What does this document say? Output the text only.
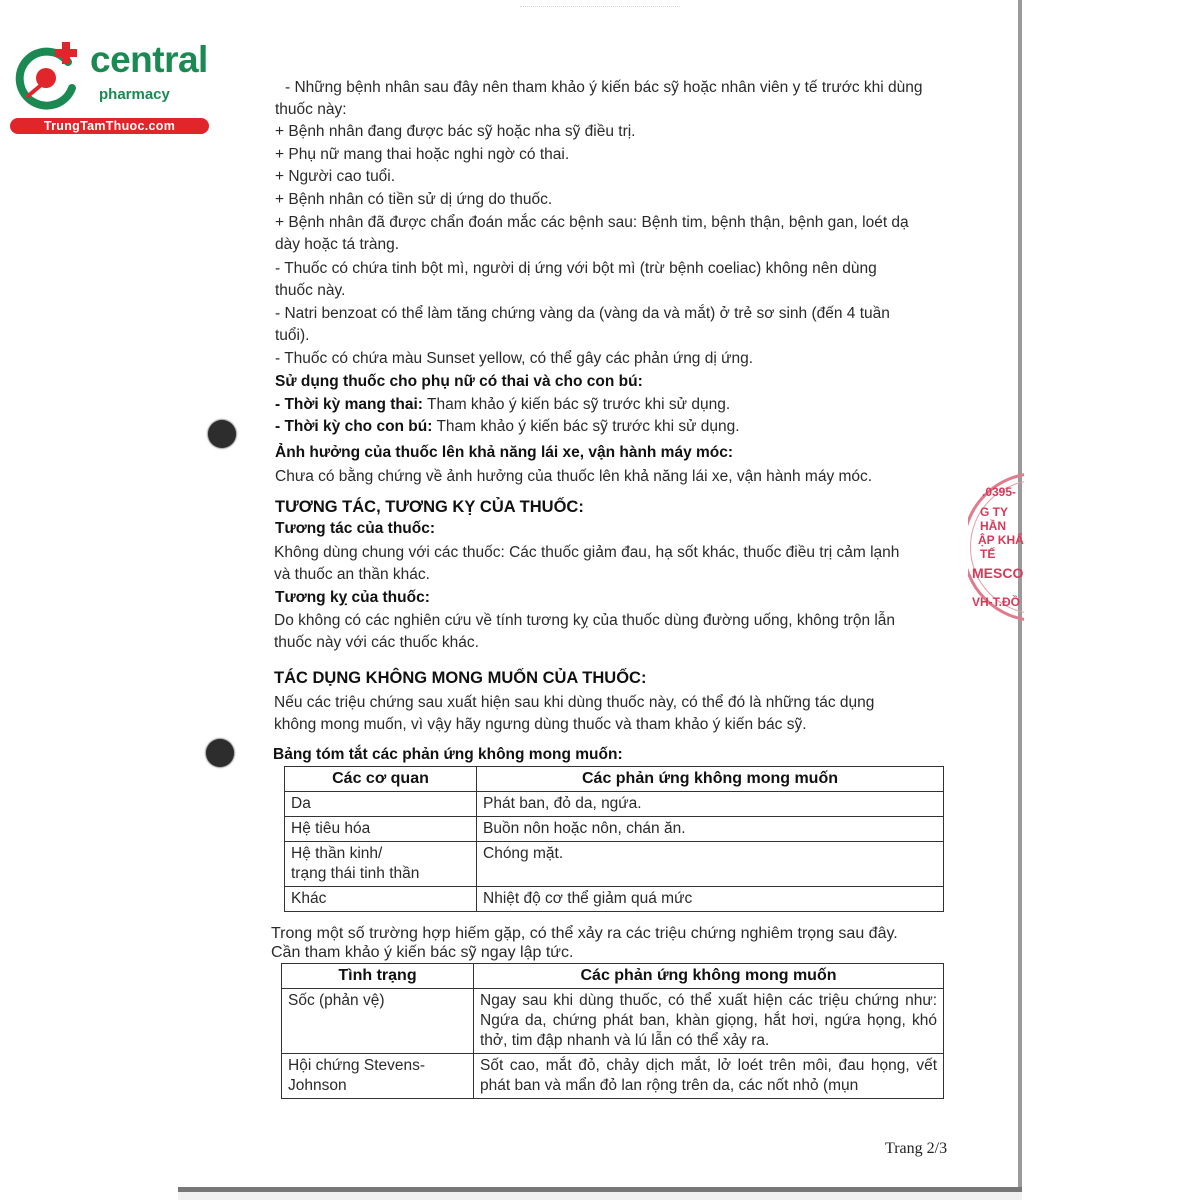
central
pharmacy
TrungTamThuoc.com
.0395-
G TY
HẦN
ẬP KHẨ
TẾ
MESCO
VH-T.ĐỒ
- Những bệnh nhân sau đây nên tham khảo ý kiến bác sỹ hoặc nhân viên y tế trước khi dùng
thuốc này:
+ Bệnh nhân đang được bác sỹ hoặc nha sỹ điều trị.
+ Phụ nữ mang thai hoặc nghi ngờ có thai.
+ Người cao tuổi.
+ Bệnh nhân có tiền sử dị ứng do thuốc.
+ Bệnh nhân đã được chẩn đoán mắc các bệnh sau: Bệnh tim, bệnh thận, bệnh gan, loét dạ
dày hoặc tá tràng.
- Thuốc có chứa tinh bột mì, người dị ứng với bột mì (trừ bệnh coeliac) không nên dùng
thuốc này.
- Natri benzoat có thể làm tăng chứng vàng da (vàng da và mắt) ở trẻ sơ sinh (đến 4 tuần
tuổi).
- Thuốc có chứa màu Sunset yellow, có thể gây các phản ứng dị ứng.
Sử dụng thuốc cho phụ nữ có thai và cho con bú:
- Thời kỳ mang thai: Tham khảo ý kiến bác sỹ trước khi sử dụng.
- Thời kỳ cho con bú: Tham khảo ý kiến bác sỹ trước khi sử dụng.
Ảnh hưởng của thuốc lên khả năng lái xe, vận hành máy móc:
Chưa có bằng chứng về ảnh hưởng của thuốc lên khả năng lái xe, vận hành máy móc.
TƯƠNG TÁC, TƯƠNG KỴ CỦA THUỐC:
Tương tác của thuốc:
Không dùng chung với các thuốc: Các thuốc giảm đau, hạ sốt khác, thuốc điều trị cảm lạnh
và thuốc an thần khác.
Tương kỵ của thuốc:
Do không có các nghiên cứu về tính tương kỵ của thuốc dùng đường uống, không trộn lẫn
thuốc này với các thuốc khác.
TÁC DỤNG KHÔNG MONG MUỐN CỦA THUỐC:
Nếu các triệu chứng sau xuất hiện sau khi dùng thuốc này, có thể đó là những tác dụng
không mong muốn, vì vậy hãy ngưng dùng thuốc và tham khảo ý kiến bác sỹ.
Bảng tóm tắt các phản ứng không mong muốn:
Các cơ quan	Các phản ứng không mong muốn
Da	Phát ban, đỏ da, ngứa.
Hệ tiêu hóa	Buồn nôn hoặc nôn, chán ăn.
Hệ thần kinh/
trạng thái tinh thần	Chóng mặt.
Khác	Nhiệt độ cơ thể giảm quá mức
Trong một số trường hợp hiếm gặp, có thể xảy ra các triệu chứng nghiêm trọng sau đây.
Cần tham khảo ý kiến bác sỹ ngay lập tức.
Tình trạng	Các phản ứng không mong muốn
Sốc (phản vệ)	Ngay sau khi dùng thuốc, có thể xuất hiện các triệu chứng như: Ngứa da, chứng phát ban, khàn giọng, hắt hơi, ngứa họng, khó thở, tim đập nhanh và lú lẫn có thể xảy ra.
Hội chứng Stevens-
Johnson	Sốt cao, mắt đỏ, chảy dịch mắt, lở loét trên môi, đau họng, vết phát ban và mẩn đỏ lan rộng trên da, các nốt nhỏ (mụn
Trang 2/3
